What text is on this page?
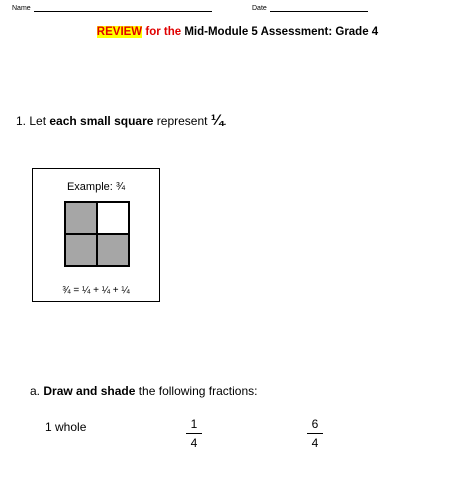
Name	Date
REVIEW for the Mid-Module 5 Assessment: Grade 4
1. Let each small square represent ¼.
Example: ¾
¾ = ¼ + ¼ + ¼
a. Draw and shade the following fractions:
1 whole	1
4
6
4
